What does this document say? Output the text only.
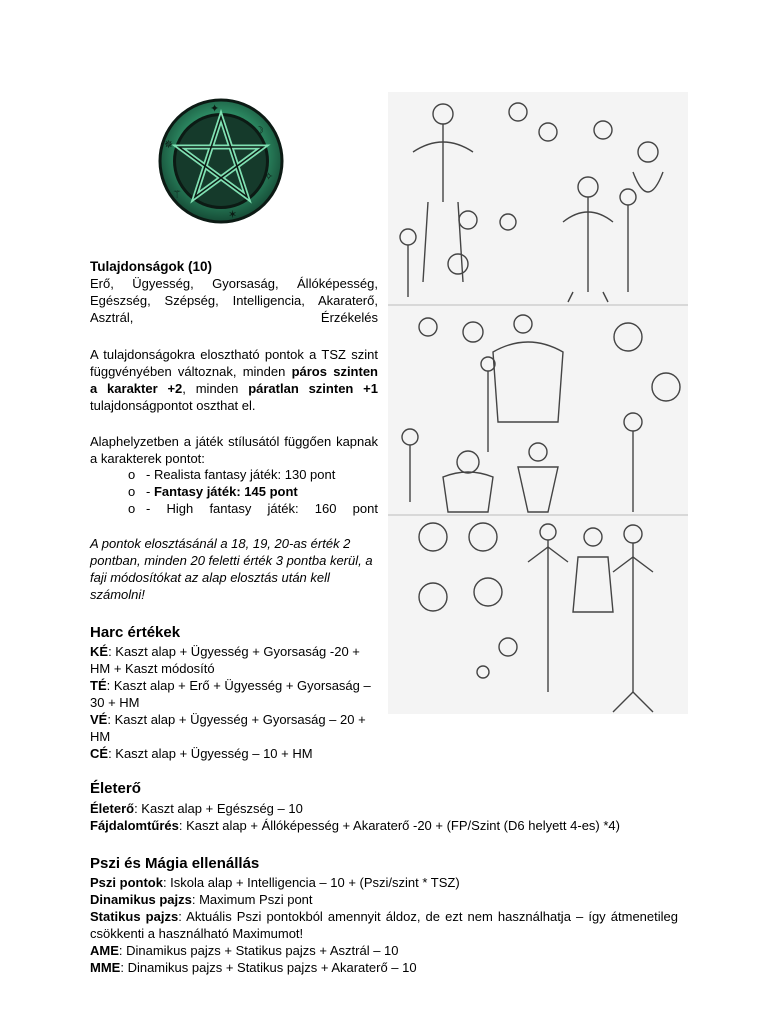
✦
☽
✧
✶
⚚
✵
Tulajdonságok (10)
Erő, Ügyesség, Gyorsaság, Állóképesség,
Egészség, Szépség, Intelligencia, Akaraterő,
Asztrál,	Érzékelés

A tulajdonságokra elosztható pontok a TSZ szint függvényében változnak, minden páros szinten a karakter +2, minden páratlan szinten +1 tulajdonságpontot oszthat el.

Alaphelyzetben a játék stílusától függően kapnak a karakterek pontot:

o - Realista fantasy játék: 130 pont
o - Fantasy játék: 145 pont
o - High fantasy játék: 160 pont

A pontok elosztásánál a 18, 19, 20-as érték 2 pontban, minden 20 feletti érték 3 pontba kerül, a faji módosítókat az alap elosztás után kell számolni!

Harc értékek

KÉ: Kaszt alap + Ügyesség + Gyorsaság -20 + HM + Kaszt módosító

TÉ: Kaszt alap + Erő + Ügyesség + Gyorsaság – 30 + HM

VÉ: Kaszt alap + Ügyesség + Gyorsaság – 20 + HM

CÉ: Kaszt alap + Ügyesség – 10 + HM

Életerő

Életerő: Kaszt alap + Egészség – 10

Fájdalomtűrés: Kaszt alap + Állóképesség + Akaraterő -20 + (FP/Szint (D6 helyett 4-es) *4)

Pszi és Mágia ellenállás

Pszi pontok: Iskola alap + Intelligencia – 10 + (Pszi/szint * TSZ)

Dinamikus pajzs: Maximum Pszi pont

Statikus pajzs: Aktuális Pszi pontokból amennyit áldoz, de ezt nem használhatja – így átmenetileg csökkenti a használható Maximumot!

AME: Dinamikus pajzs + Statikus pajzs + Asztrál – 10

MME: Dinamikus pajzs + Statikus pajzs + Akaraterő – 10
